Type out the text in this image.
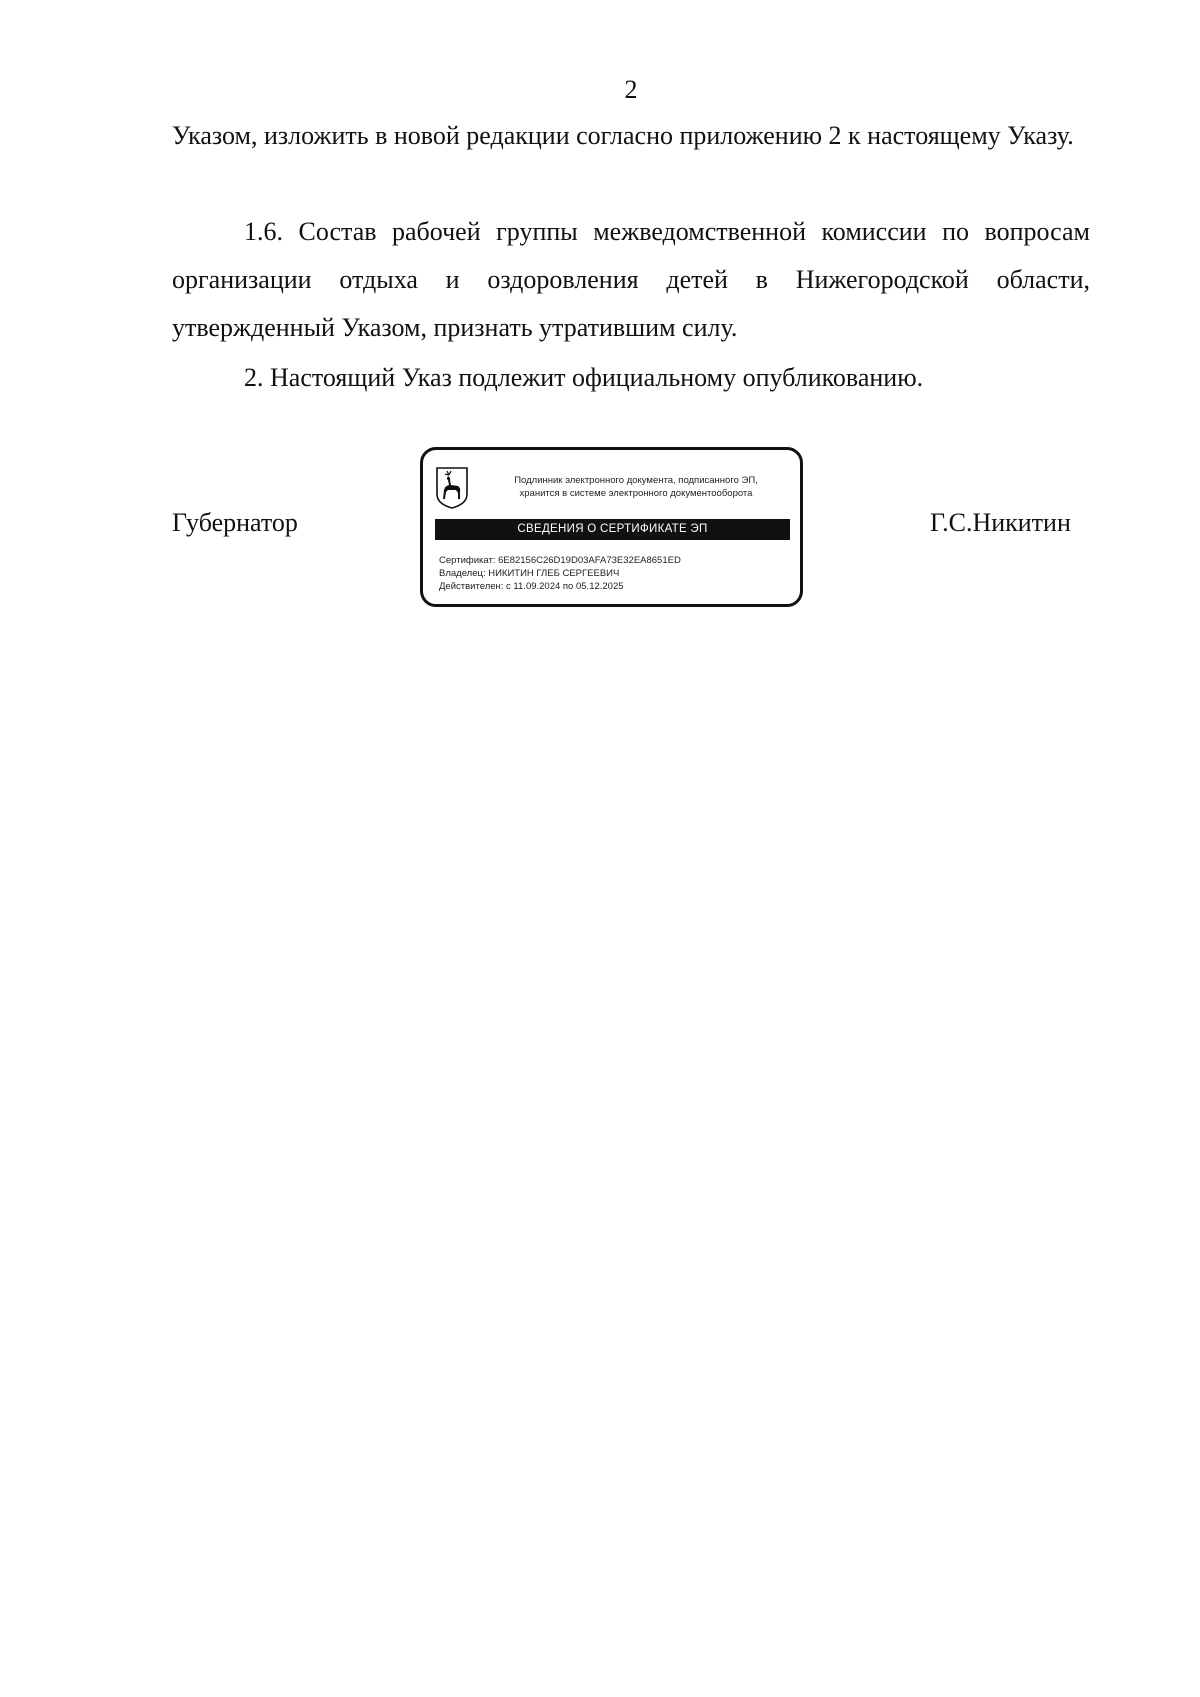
2

Указом, изложить в новой редакции согласно приложению 2 к настоящему Указу.

1.6. Состав рабочей группы межведомственной комиссии по вопросам организации отдыха и оздоровления детей в Нижегородской области, утвержденный Указом, признать утратившим силу.

2. Настоящий Указ подлежит официальному опубликованию.

Губернатор
Подлинник электронного документа, подписанного ЭП,
хранится в системе электронного документооборота
СВЕДЕНИЯ О СЕРТИФИКАТЕ ЭП
Сертификат: 6E82156C26D19D03AFA73E32EA8651ED
Владелец: НИКИТИН ГЛЕБ СЕРГЕЕВИЧ
Действителен: с 11.09.2024 по 05.12.2025
Г.С.Никитин
